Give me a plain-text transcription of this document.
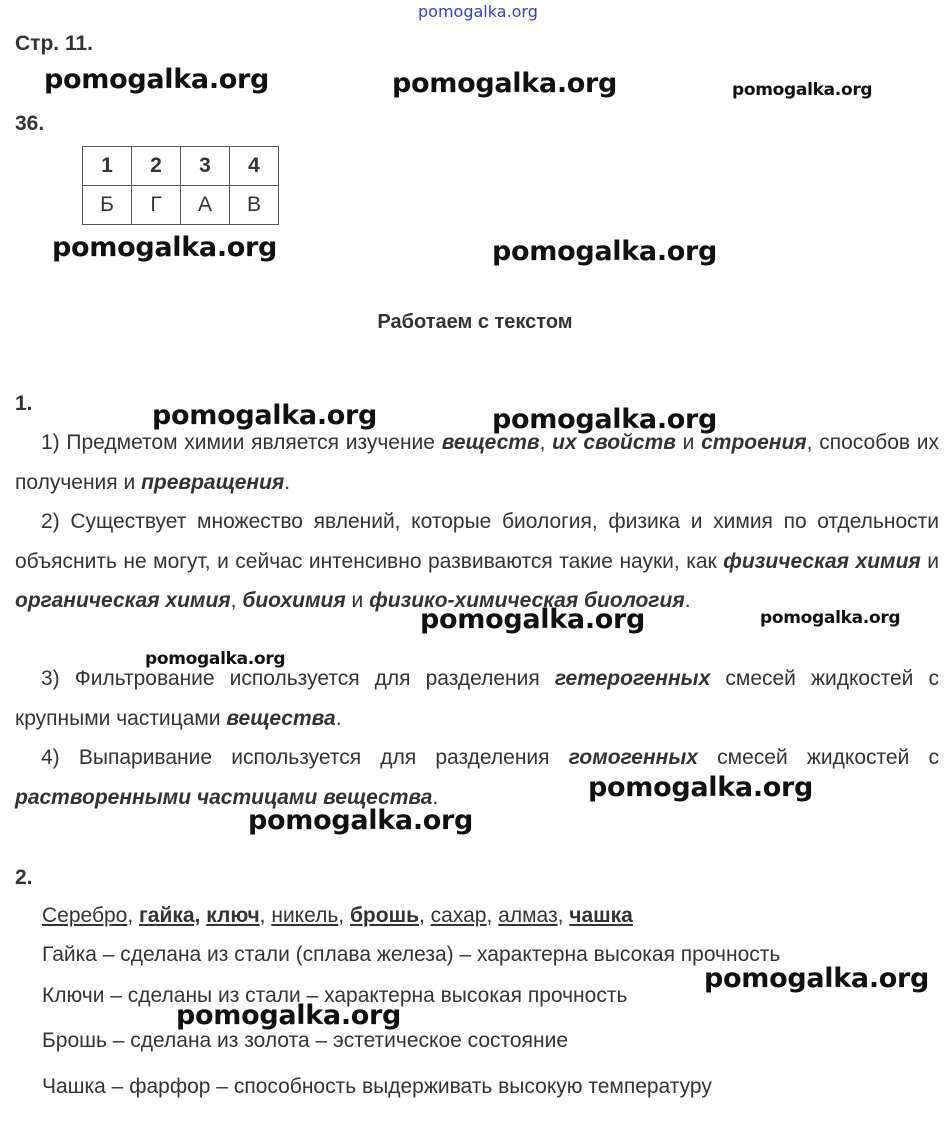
pomogalka.org
Стр. 11.
36.
1	2	3	4
Б	Г	А	В
Работаем с текстом
1.
1) Предметом химии является изучение веществ, их свойств и строения, способов их получения и превращения.
2) Существует множество явлений, которые биология, физика и химия по отдельности объяснить не могут, и сейчас интенсивно развиваются такие науки, как физическая химия и органическая химия, биохимия и физико-химическая биология.
3) Фильтрование используется для разделения гетерогенных смесей жидкостей с крупными частицами вещества.
4) Выпаривание используется для разделения гомогенных смесей жидкостей с растворенными частицами вещества.
2.
Серебро, гайка, ключ, никель, брошь, сахар, алмаз, чашка
Гайка – сделана из стали (сплава железа) – характерна высокая прочность
Ключи – сделаны из стали – характерна высокая прочность
Брошь – сделана из золота – эстетическое состояние
Чашка – фарфор – способность выдерживать высокую температуру
pomogalka.org	pomogalka.org	pomogalka.org
pomogalka.org	pomogalka.org
pomogalka.org	pomogalka.org
pomogalka.org	pomogalka.org
pomogalka.org
pomogalka.org
pomogalka.org
pomogalka.org
pomogalka.org
